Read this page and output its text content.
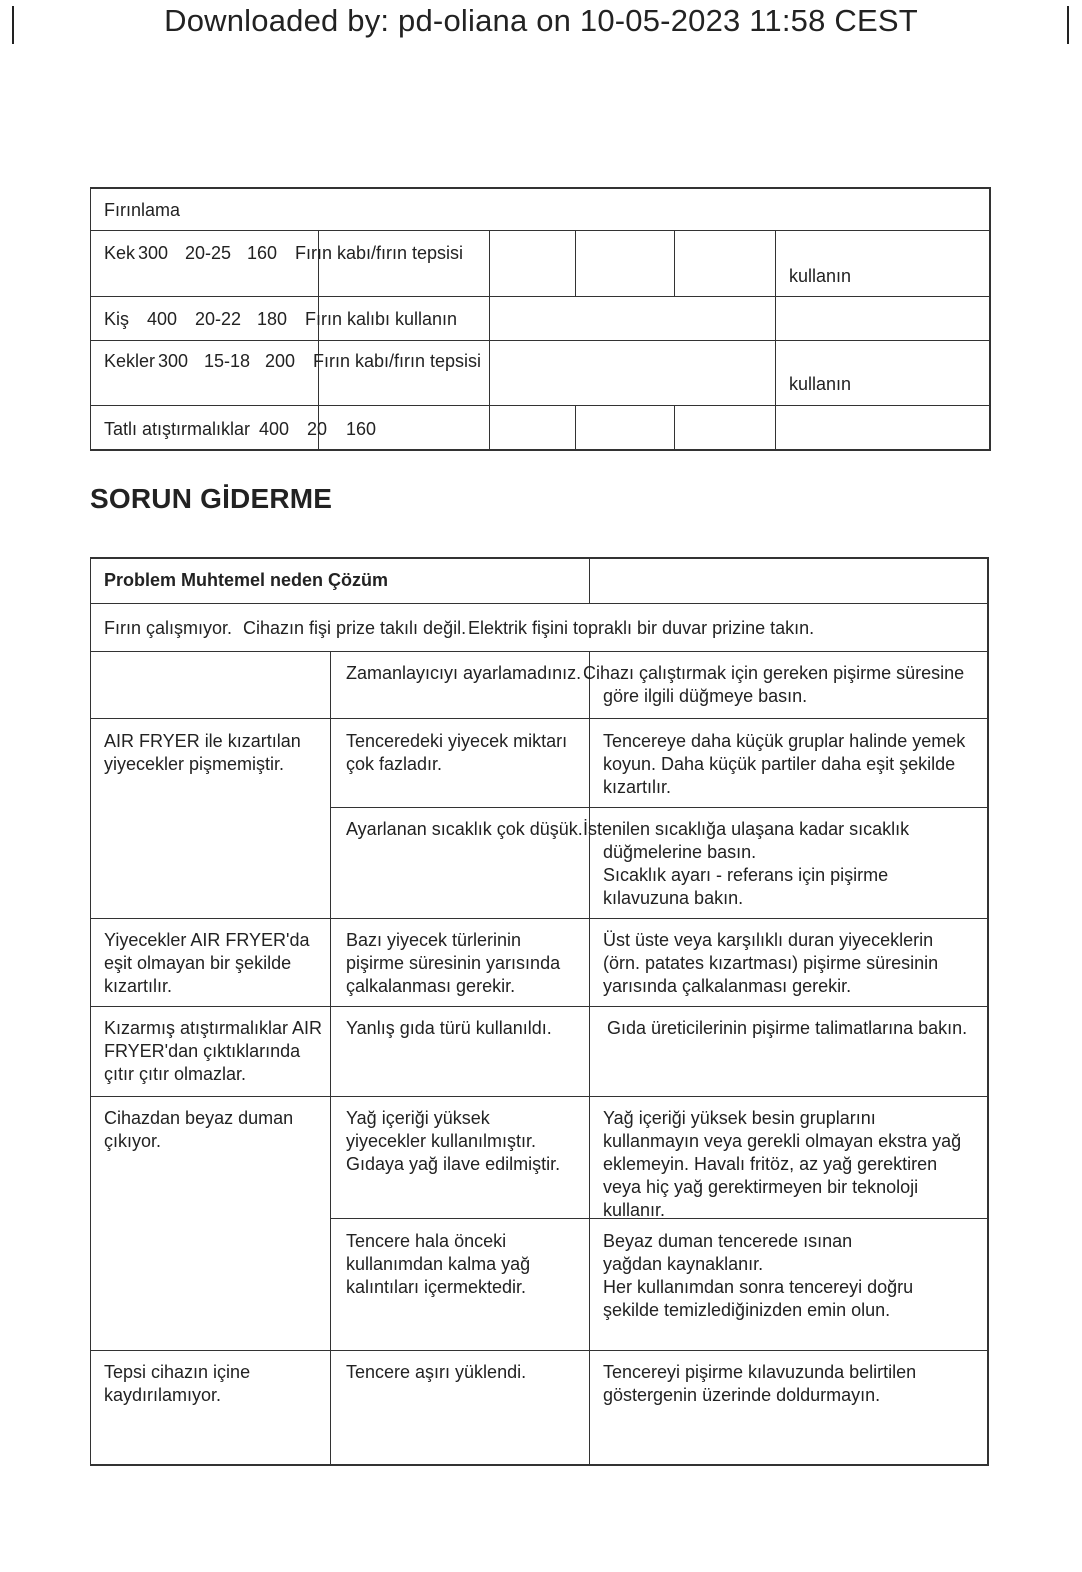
Downloaded by: pd-oliana on 10-05-2023 11:58 CEST
Fırınlama
Kek 300 20-25 160 Fırın kabı/fırın tepsisi
kullanın
Kiş 400 20-22 180 Fırın kalıbı kullanın
Kekler 300 15-18 200 Fırın kabı/fırın tepsisi
kullanın
Tatlı atıştırmalıklar 400 20 160
SORUN GİDERME
Problem Muhtemel neden Çözüm
Fırın çalışmıyor. Cihazın fişi prize takılı değil. Elektrik fişini topraklı bir duvar prizine takın.
Zamanlayıcıyı ayarlamadınız. Cihazı çalıştırmak için gereken pişirme süresine
göre ilgili düğmeye basın.
AIR FRYER ile kızartılan yiyecekler pişmemiştir.
Tenceredeki yiyecek miktarı çok fazladır.
Tencereye daha küçük gruplar halinde yemek koyun. Daha küçük partiler daha eşit şekilde kızartılır.
Ayarlanan sıcaklık çok düşük. İstenilen sıcaklığa ulaşana kadar sıcaklık
düğmelerine basın.
Sıcaklık ayarı - referans için pişirme kılavuzuna bakın.
Yiyecekler AIR FRYER'da eşit olmayan bir şekilde kızartılır.
Bazı yiyecek türlerinin pişirme süresinin yarısında çalkalanması gerekir.
Üst üste veya karşılıklı duran yiyeceklerin (örn. patates kızartması) pişirme süresinin yarısında çalkalanması gerekir.
Kızarmış atıştırmalıklar AIR FRYER'dan çıktıklarında çıtır çıtır olmazlar.
Yanlış gıda türü kullanıldı.	Gıda üreticilerinin pişirme talimatlarına bakın.
Cihazdan beyaz duman çıkıyor.
Yağ içeriği yüksek yiyecekler kullanılmıştır.
Gıdaya yağ ilave edilmiştir.
Yağ içeriği yüksek besin gruplarını kullanmayın veya gerekli olmayan ekstra yağ eklemeyin. Havalı fritöz, az yağ gerektiren veya hiç yağ gerektirmeyen bir teknoloji kullanır.
Tencere hala önceki kullanımdan kalma yağ kalıntıları içermektedir.
Beyaz duman tencerede ısınan yağdan kaynaklanır.
Her kullanımdan sonra tencereyi doğru şekilde temizlediğinizden emin olun.
Tepsi cihazın içine kaydırılamıyor.
Tencere aşırı yüklendi.	Tencereyi pişirme kılavuzunda belirtilen göstergenin üzerinde doldurmayın.
